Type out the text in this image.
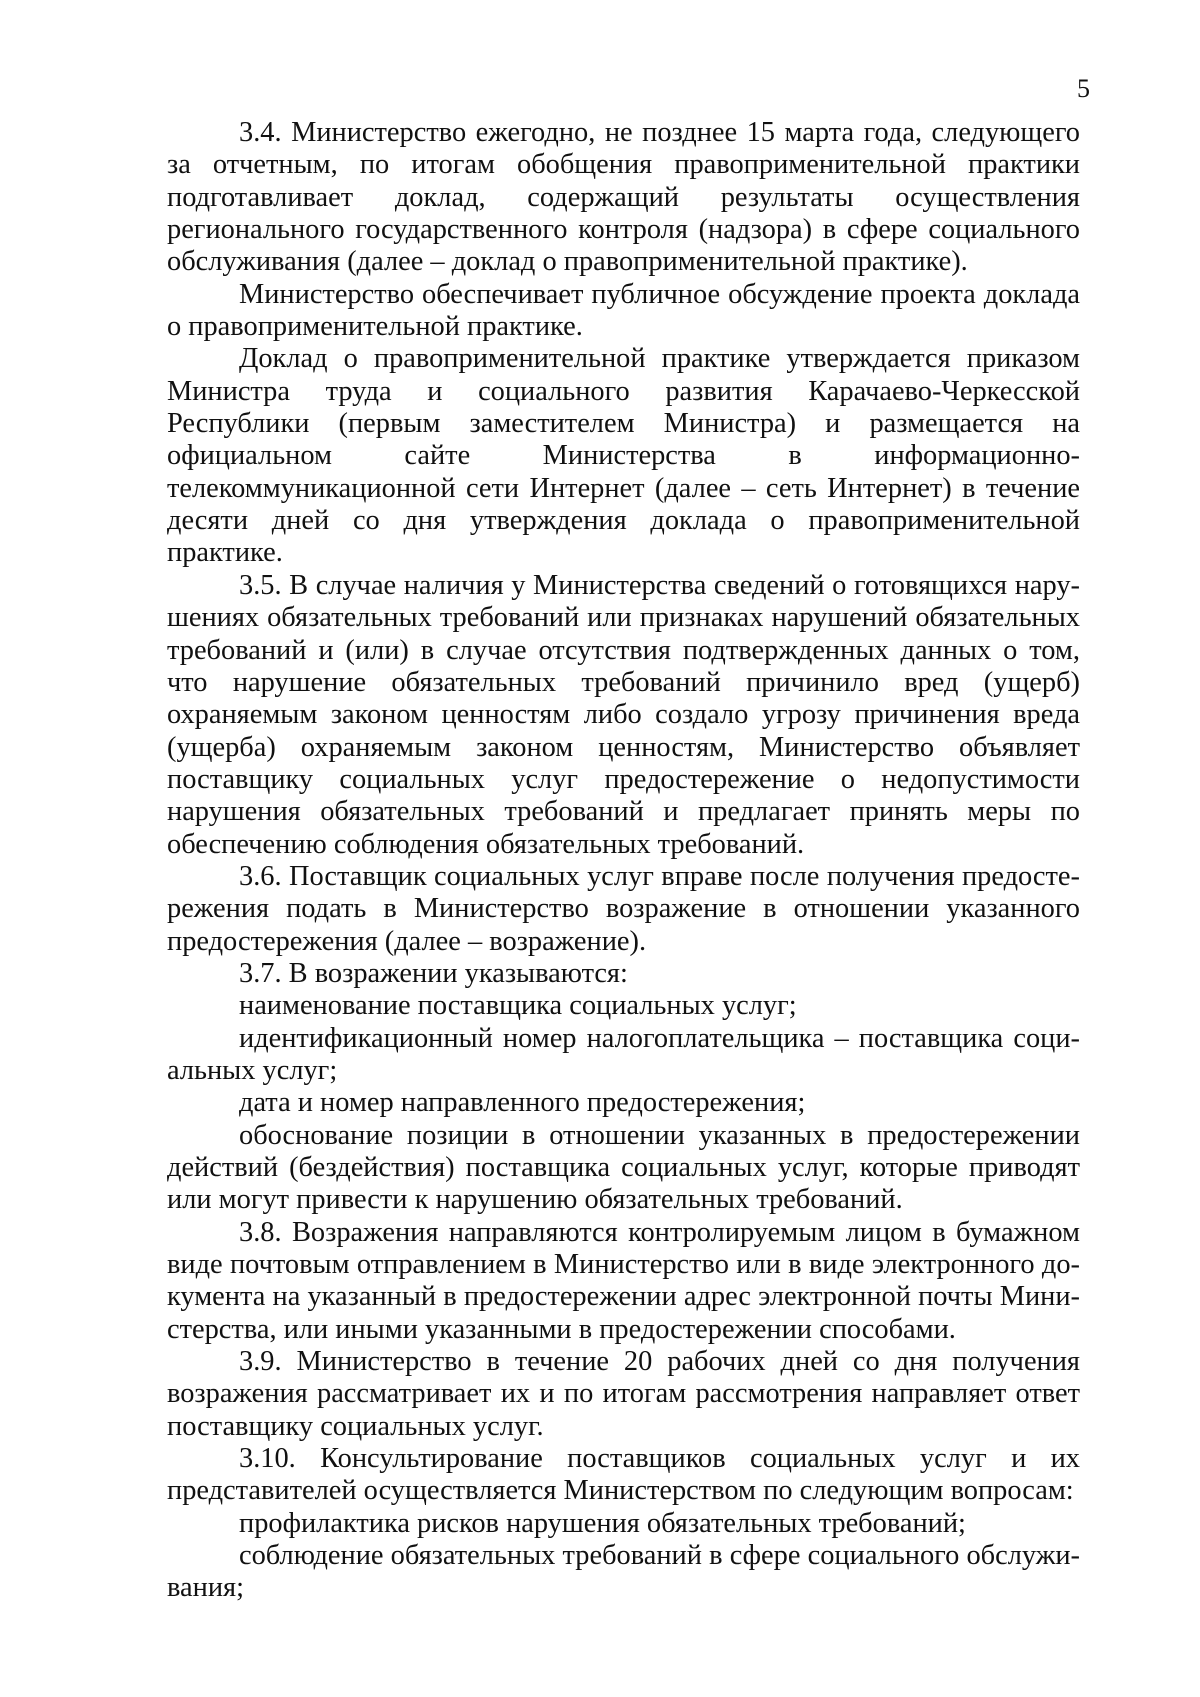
5

3.4. Министерство ежегодно, не позднее 15 марта года, следующего за отчетным, по итогам обобщения правоприменительной практики подготавливает доклад, содержащий результаты осуществления регионального государственного контроля (надзора) в сфере социального обслуживания (далее – доклад о правоприменительной практике).

Министерство обеспечивает публичное обсуждение проекта доклада о правоприменительной практике.

Доклад о правоприменительной практике утверждается приказом Министра труда и социального развития Карачаево-Черкесской Республики (первым заместителем Министра) и размещается на официальном сайте Министерства в информационно-телекоммуникационной сети Интернет (далее – сеть Интернет) в течение десяти дней со дня утверждения доклада о правоприменительной практике.

3.5. В случае наличия у Министерства сведений о готовящихся нарушениях обязательных требований или признаках нарушений обязательных требований и (или) в случае отсутствия подтвержденных данных о том, что нарушение обязательных требований причинило вред (ущерб) охраняемым законом ценностям либо создало угрозу причинения вреда (ущерба) охраняемым законом ценностям, Министерство объявляет поставщику социальных услуг предостережение о недопустимости нарушения обязательных требований и предлагает принять меры по обеспечению соблюдения обязательных требований.

3.6. Поставщик социальных услуг вправе после получения предостережения подать в Министерство возражение в отношении указанного предостережения (далее – возражение).

3.7. В возражении указываются:

наименование поставщика социальных услуг;

идентификационный номер налогоплательщика – поставщика социальных услуг;

дата и номер направленного предостережения;

обоснование позиции в отношении указанных в предостережении действий (бездействия) поставщика социальных услуг, которые приводят или могут привести к нарушению обязательных требований.

3.8. Возражения направляются контролируемым лицом в бумажном виде почтовым отправлением в Министерство или в виде электронного документа на указанный в предостережении адрес электронной почты Министерства, или иными указанными в предостережении способами.

3.9. Министерство в течение 20 рабочих дней со дня получения возражения рассматривает их и по итогам рассмотрения направляет ответ поставщику социальных услуг.

3.10. Консультирование поставщиков социальных услуг и их представителей осуществляется Министерством по следующим вопросам:

профилактика рисков нарушения обязательных требований;

соблюдение обязательных требований в сфере социального обслуживания;
